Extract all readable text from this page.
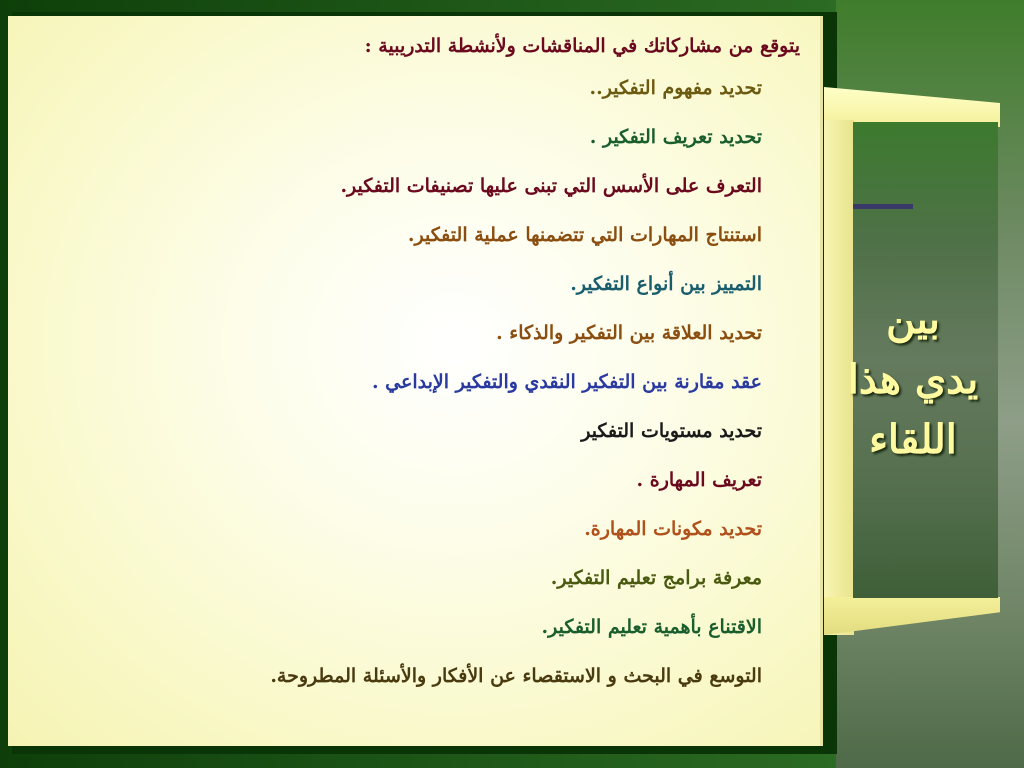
يتوقع من مشاركاتك في المناقشات ولأنشطة التدريبية :
تحديد مفهوم التفكير..
تحديد تعريف التفكير .
التعرف على الأسس التي تبنى عليها تصنيفات التفكير.
استنتاج المهارات التي تتضمنها عملية التفكير.
التمييز بين أنواع التفكير.
تحديد العلاقة بين التفكير والذكاء .
عقد مقارنة بين التفكير النقدي والتفكير الإبداعي .
تحديد مستويات التفكير
تعريف المهارة .
تحديد مكونات المهارة.
معرفة برامج تعليم التفكير.
الاقتناع بأهمية تعليم التفكير.
التوسع في البحث و الاستقصاء عن الأفكار والأسئلة المطروحة.
بين
يدي هذا
اللقاء
